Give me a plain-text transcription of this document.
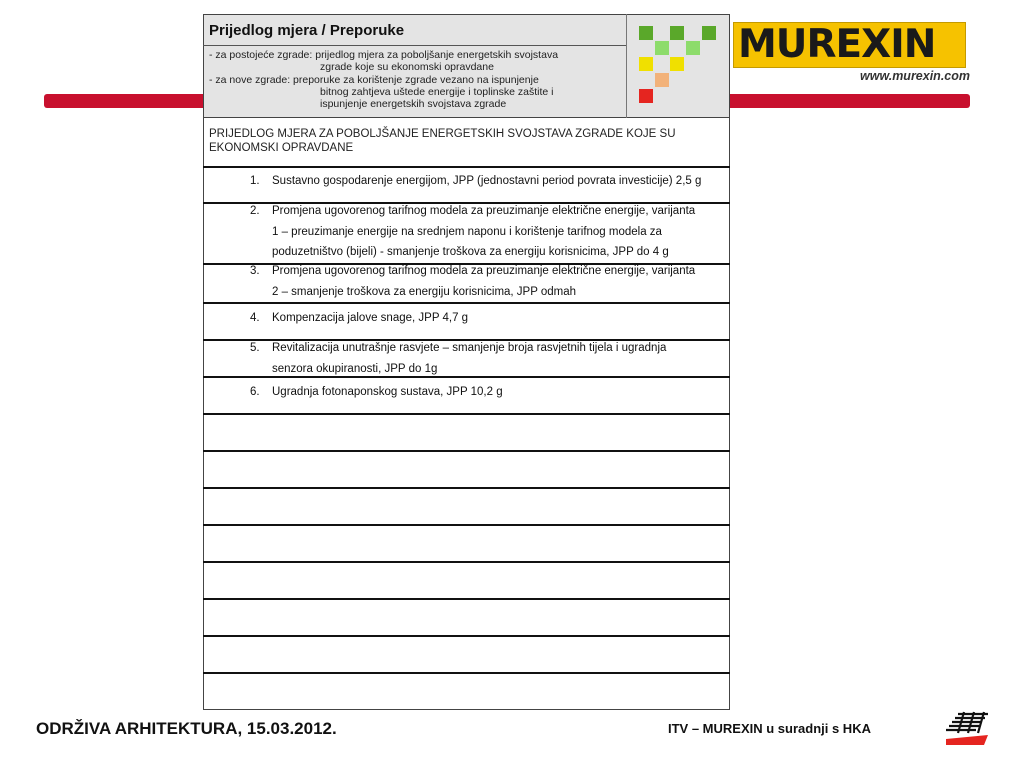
MUREXIN
www.murexin.com
Prijedlog mjera / Preporuke
- za postojeće zgrade: prijedlog mjera za poboljšanje energetskih svojstava
zgrade koje su ekonomski opravdane
- za nove zgrade: preporuke za korištenje zgrade vezano na ispunjenje
bitnog zahtjeva uštede energije i toplinske zaštite i
ispunjenje energetskih svojstava zgrade
PRIJEDLOG MJERA ZA POBOLJŠANJE ENERGETSKIH SVOJSTAVA ZGRADE KOJE SU EKONOMSKI OPRAVDANE
1. Sustavno gospodarenje energijom, JPP (jednostavni period povrata investicije) 2,5 g
2. Promjena ugovorenog tarifnog modela za preuzimanje električne energije, varijanta
1 – preuzimanje energije na srednjem naponu i korištenje tarifnog modela za
poduzetništvo (bijeli) - smanjenje troškova za energiju korisnicima, JPP do 4 g
3. Promjena ugovorenog tarifnog modela za preuzimanje električne energije, varijanta
2 – smanjenje troškova za energiju korisnicima, JPP odmah
4. Kompenzacija jalove snage, JPP 4,7 g
5. Revitalizacija unutrašnje rasvjete – smanjenje broja rasvjetnih tijela i ugradnja
senzora okupiranosti, JPP do 1g
6. Ugradnja fotonaponskog sustava, JPP 10,2 g
ODRŽIVA ARHITEKTURA, 15.03.2012.	ITV – MUREXIN u suradnji s HKA
